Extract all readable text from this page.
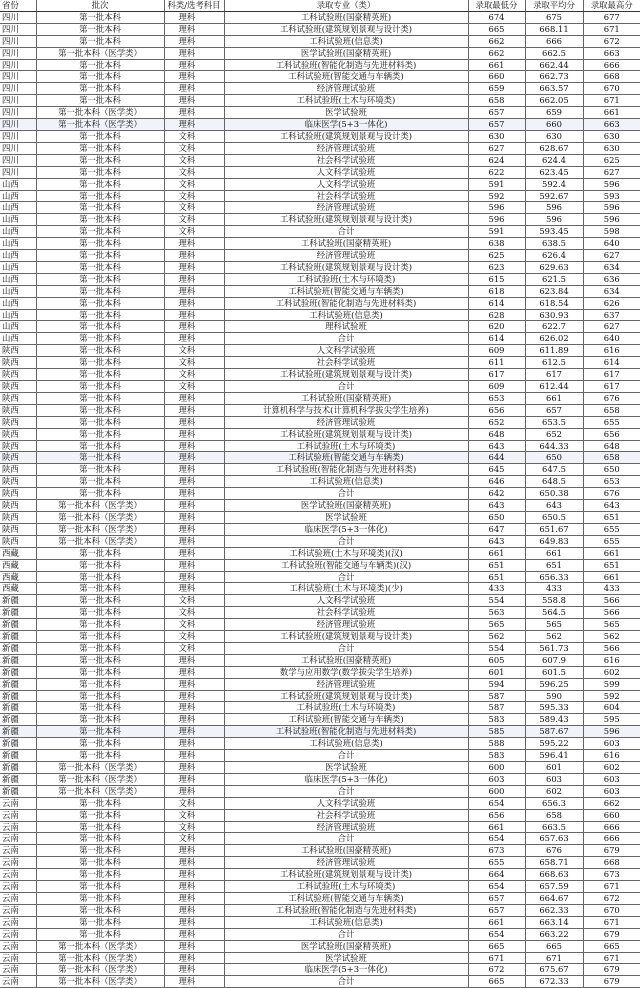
省份	批次	科类/选考科目	录取专业（类）	录取最低分	录取平均分	录取最高分
四川	第一批本科	理科	工科试验班(国豪精英班)	674	675	677
四川	第一批本科	理科	工科试验班(建筑规划景观与设计类)	665	668.11	671
四川	第一批本科	理科	工科试验班(信息类)	662	666	672
四川	第一批本科（医学类）	理科	医学试验班(国豪精英班)	662	662.5	663
四川	第一批本科	理科	工科试验班(智能化制造与先进材料类)	661	662.44	666
四川	第一批本科	理科	工科试验班(智能交通与车辆类)	660	662.73	668
四川	第一批本科	理科	经济管理试验班	659	663.57	670
四川	第一批本科	理科	工科试验班(土木与环境类)	658	662.05	671
四川	第一批本科（医学类）	理科	医学试验班	657	659	661
四川	第一批本科（医学类）	理科	临床医学(5+3一体化)	657	660	663
四川	第一批本科	文科	工科试验班(建筑规划景观与设计类)	630	630	630
四川	第一批本科	文科	经济管理试验班	627	628.67	630
四川	第一批本科	文科	社会科学试验班	624	624.4	625
四川	第一批本科	文科	人文科学试验班	622	623.45	627
山西	第一批本科	文科	人文科学试验班	591	592.4	596
山西	第一批本科	文科	社会科学试验班	592	592.67	593
山西	第一批本科	文科	经济管理试验班	596	596	596
山西	第一批本科	文科	工科试验班(建筑规划景观与设计类)	596	596	596
山西	第一批本科	文科	合计	591	593.45	598
山西	第一批本科	理科	工科试验班(国豪精英班)	638	638.5	640
山西	第一批本科	理科	经济管理试验班	625	626.4	627
山西	第一批本科	理科	工科试验班(建筑规划景观与设计类)	623	629.63	634
山西	第一批本科	理科	工科试验班(土木与环境类)	615	621.5	636
山西	第一批本科	理科	工科试验班(智能交通与车辆类)	618	623.84	634
山西	第一批本科	理科	工科试验班(智能化制造与先进材料类)	614	618.54	626
山西	第一批本科	理科	工科试验班(信息类)	628	630.93	637
山西	第一批本科	理科	理科试验班	620	622.7	627
山西	第一批本科	理科	合计	614	626.02	640
陕西	第一批本科	文科	人文科学试验班	609	611.89	616
陕西	第一批本科	文科	社会科学试验班	611	612.5	614
陕西	第一批本科	文科	工科试验班(建筑规划景观与设计类)	617	617	617
陕西	第一批本科	文科	合计	609	612.44	617
陕西	第一批本科	理科	工科试验班(国豪精英班)	653	661	676
陕西	第一批本科	理科	计算机科学与技术(计算机科学拔尖学生培养)	656	657	658
陕西	第一批本科	理科	经济管理试验班	652	653.5	655
陕西	第一批本科	理科	工科试验班(建筑规划景观与设计类)	648	652	656
陕西	第一批本科	理科	工科试验班(土木与环境类)	643	644.33	648
陕西	第一批本科	理科	工科试验班(智能交通与车辆类)	644	650	658
陕西	第一批本科	理科	工科试验班(智能化制造与先进材料类)	645	647.5	650
陕西	第一批本科	理科	工科试验班(信息类)	646	648.5	653
陕西	第一批本科	理科	合计	642	650.38	676
陕西	第一批本科（医学类）	理科	医学试验班(国豪精英班)	643	643	643
陕西	第一批本科（医学类）	理科	医学试验班	650	650.5	651
陕西	第一批本科（医学类）	理科	临床医学(5+3一体化)	647	651.67	655
陕西	第一批本科（医学类）	理科	合计	643	649.83	655
西藏	第一批本科	理科	工科试验班(土木与环境类)(汉)	661	661	661
西藏	第一批本科	理科	工科试验班(智能交通与车辆类)(汉)	651	651	651
西藏	第一批本科	理科	合计	651	656.33	661
西藏	第一批本科	理科	工科试验班(土木与环境类)(少)	433	433	433
新疆	第一批本科	文科	人文科学试验班	554	558.8	566
新疆	第一批本科	文科	社会科学试验班	563	564.5	566
新疆	第一批本科	文科	经济管理试验班	565	565	565
新疆	第一批本科	文科	工科试验班(建筑规划景观与设计类)	562	562	562
新疆	第一批本科	文科	合计	554	561.73	566
新疆	第一批本科	理科	工科试验班(国豪精英班)	605	607.9	616
新疆	第一批本科	理科	数学与应用数学(数学拔尖学生培养)	601	601.5	602
新疆	第一批本科	理科	经济管理试验班	594	596.25	599
新疆	第一批本科	理科	工科试验班(建筑规划景观与设计类)	587	590	592
新疆	第一批本科	理科	工科试验班(土木与环境类)	587	595.33	604
新疆	第一批本科	理科	工科试验班(智能交通与车辆类)	583	589.43	595
新疆	第一批本科	理科	工科试验班(智能化制造与先进材料类)	585	587.67	596
新疆	第一批本科	理科	工科试验班(信息类)	588	595.22	603
新疆	第一批本科	理科	合计	583	596.41	616
新疆	第一批本科（医学类）	理科	医学试验班	600	601	602
新疆	第一批本科（医学类）	理科	临床医学(5+3一体化)	603	603	603
新疆	第一批本科（医学类）	理科	合计	600	602	603
云南	第一批本科	文科	人文科学试验班	654	656.3	662
云南	第一批本科	文科	社会科学试验班	656	658	660
云南	第一批本科	文科	经济管理试验班	661	663.5	666
云南	第一批本科	文科	合计	654	657.63	666
云南	第一批本科	理科	工科试验班(国豪精英班)	673	676	679
云南	第一批本科	理科	经济管理试验班	655	658.71	668
云南	第一批本科	理科	工科试验班(建筑规划景观与设计类)	664	668.63	673
云南	第一批本科	理科	工科试验班(土木与环境类)	654	657.59	671
云南	第一批本科	理科	工科试验班(智能交通与车辆类)	657	664.67	672
云南	第一批本科	理科	工科试验班(智能化制造与先进材料类)	657	662.33	670
云南	第一批本科	理科	工科试验班(信息类)	661	663.14	671
云南	第一批本科	理科	合计	654	663.22	679
云南	第一批本科（医学类）	理科	医学试验班(国豪精英班)	665	665	665
云南	第一批本科（医学类）	理科	医学试验班	671	671	671
云南	第一批本科（医学类）	理科	临床医学(5+3一体化)	672	675.67	679
云南	第一批本科（医学类）	理科	合计	665	672.33	679
